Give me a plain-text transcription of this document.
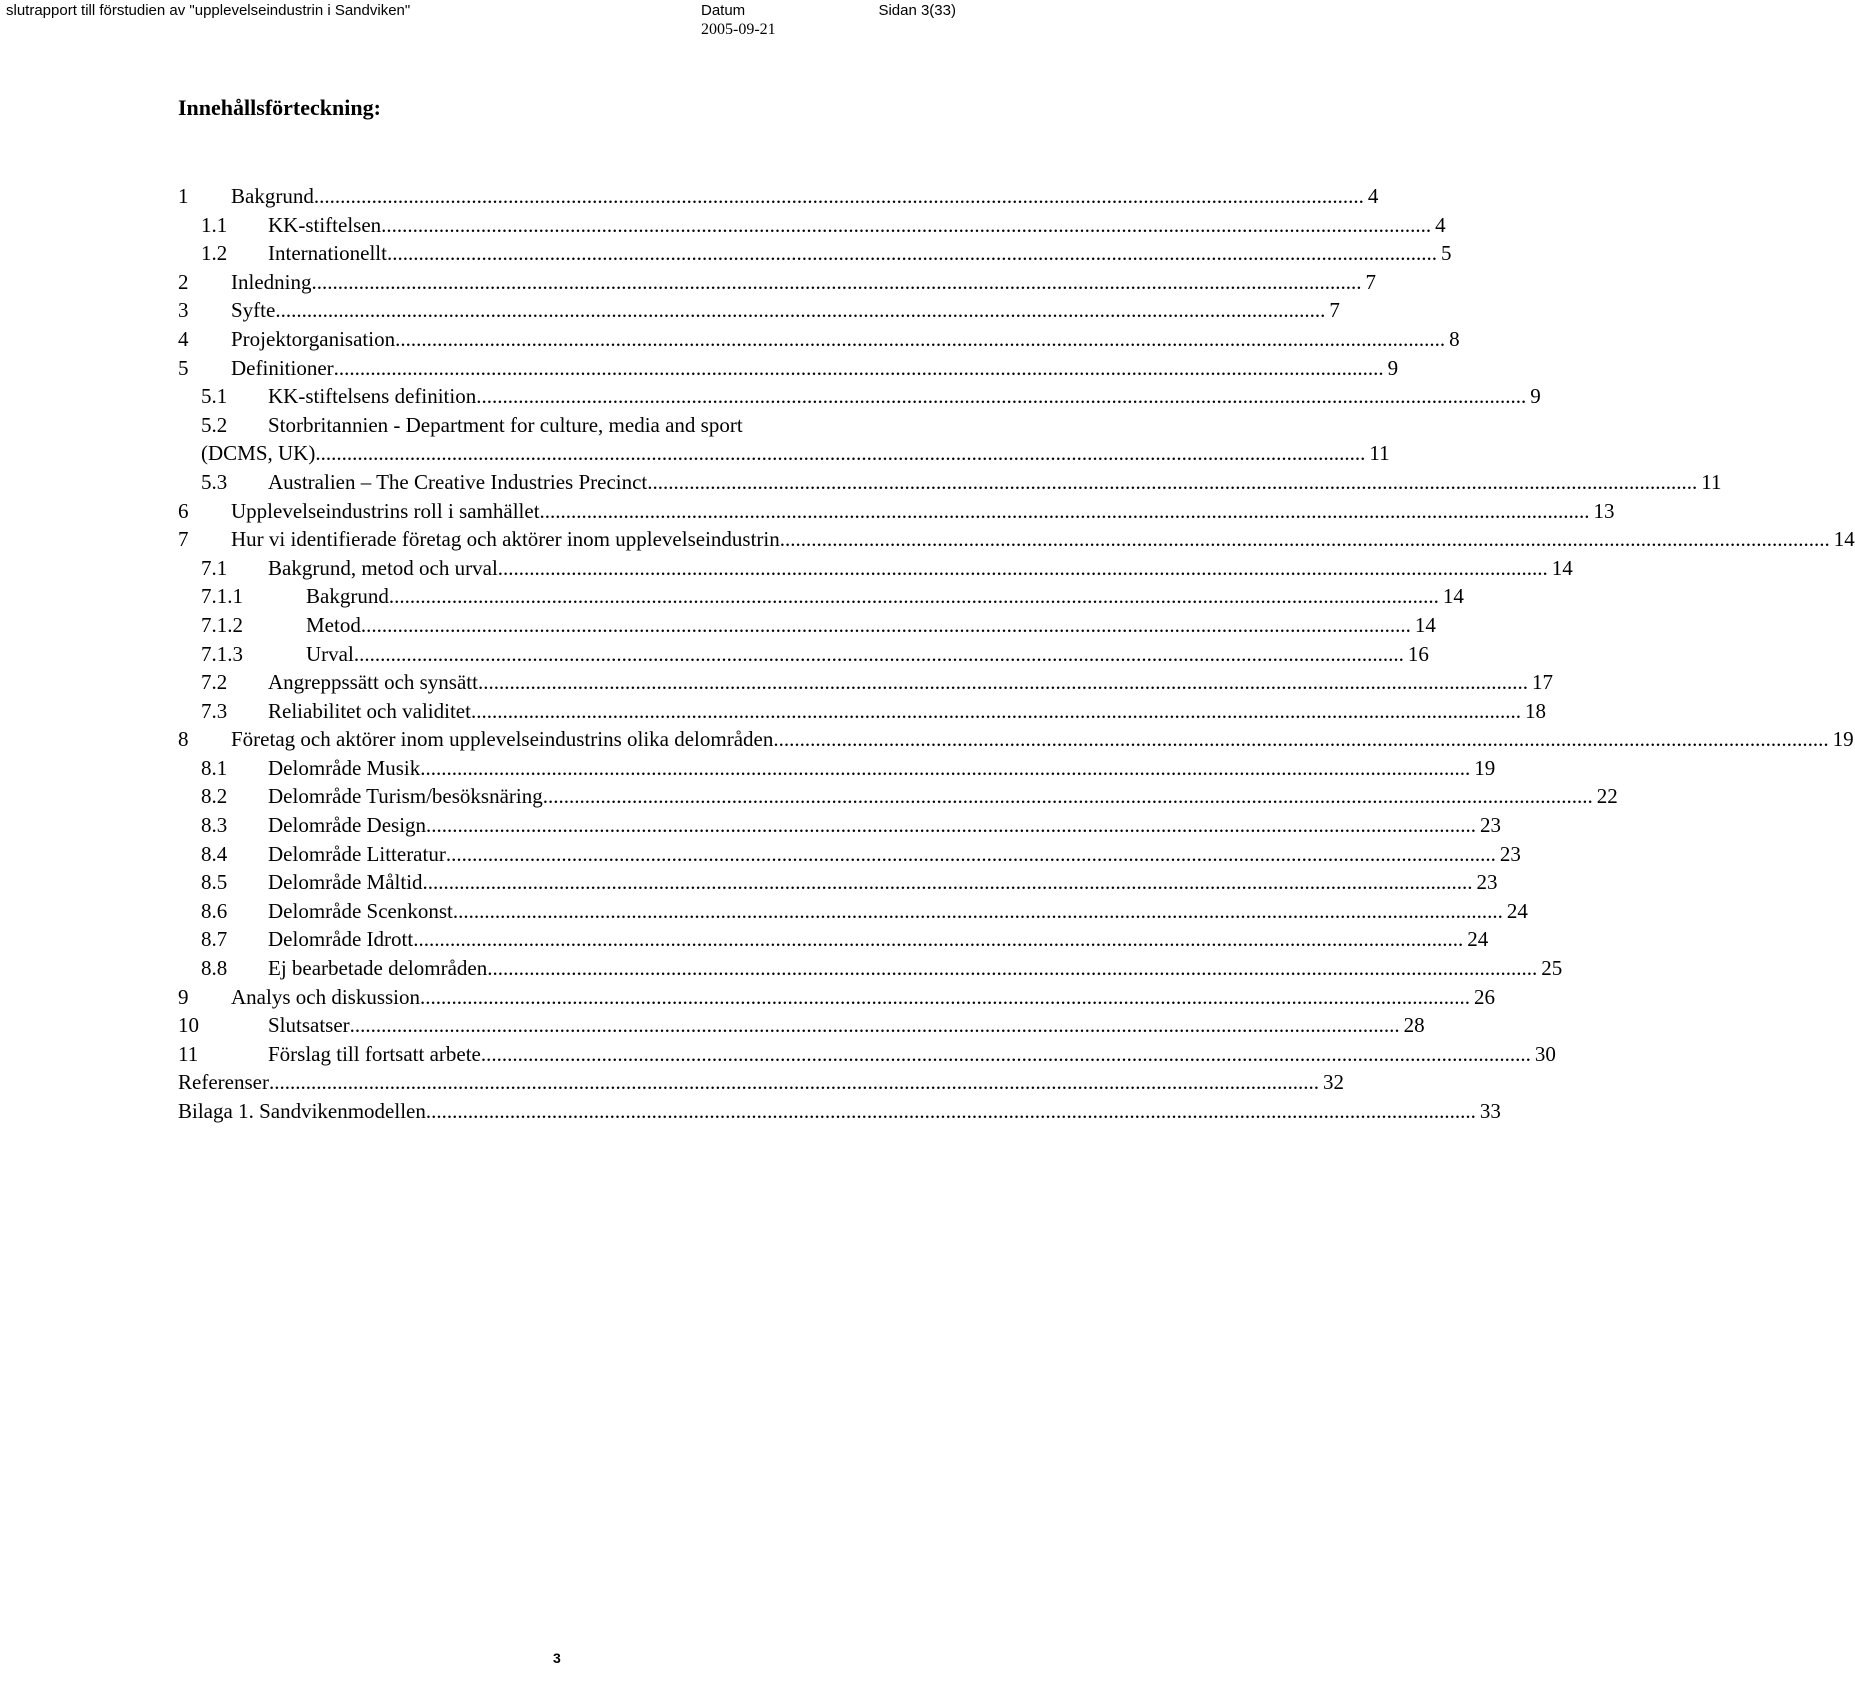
slutrapport till förstudien av "upplevelseindustrin i Sandviken"	Datum	Sidan 3(33)
2005-09-21
Innehållsförteckning:
1 Bakgrund ........................................................................................................................................................................................................ 4
1.1 KK-stiftelsen ........................................................................................................................................................................................................ 4
1.2 Internationellt ........................................................................................................................................................................................................ 5
2 Inledning ........................................................................................................................................................................................................ 7
3 Syfte ........................................................................................................................................................................................................ 7
4 Projektorganisation ........................................................................................................................................................................................................ 8
5 Definitioner ........................................................................................................................................................................................................ 9
5.1 KK-stiftelsens definition ........................................................................................................................................................................................................ 9
5.2 Storbritannien - Department for culture, media and sport
(DCMS, UK) ........................................................................................................................................................................................................ 11
5.3 Australien – The Creative Industries Precinct ........................................................................................................................................................................................................ 11
6 Upplevelseindustrins roll i samhället ........................................................................................................................................................................................................ 13
7 Hur vi identifierade företag och aktörer inom upplevelseindustrin ........................................................................................................................................................................................................ 14
7.1 Bakgrund, metod och urval ........................................................................................................................................................................................................ 14
7.1.1	Bakgrund ........................................................................................................................................................................................................ 14
7.1.2	Metod ........................................................................................................................................................................................................ 14
7.1.3	Urval ........................................................................................................................................................................................................ 16
7.2 Angreppssätt och synsätt ........................................................................................................................................................................................................ 17
7.3 Reliabilitet och validitet ........................................................................................................................................................................................................ 18
8 Företag och aktörer inom upplevelseindustrins olika delområden. ........................................................................................................................................................................................................ 19
8.1 Delområde Musik ........................................................................................................................................................................................................ 19
8.2 Delområde Turism/besöksnäring ........................................................................................................................................................................................................ 22
8.3 Delområde Design ........................................................................................................................................................................................................ 23
8.4 Delområde Litteratur ........................................................................................................................................................................................................ 23
8.5 Delområde Måltid ........................................................................................................................................................................................................ 23
8.6 Delområde Scenkonst ........................................................................................................................................................................................................ 24
8.7 Delområde Idrott ........................................................................................................................................................................................................ 24
8.8 Ej bearbetade delområden ........................................................................................................................................................................................................ 25
9 Analys och diskussion ........................................................................................................................................................................................................ 26
10	Slutsatser ........................................................................................................................................................................................................ 28
11	Förslag till fortsatt arbete ........................................................................................................................................................................................................ 30
Referenser ........................................................................................................................................................................................................ 32
Bilaga 1. Sandvikenmodellen ........................................................................................................................................................................................................ 33
3
